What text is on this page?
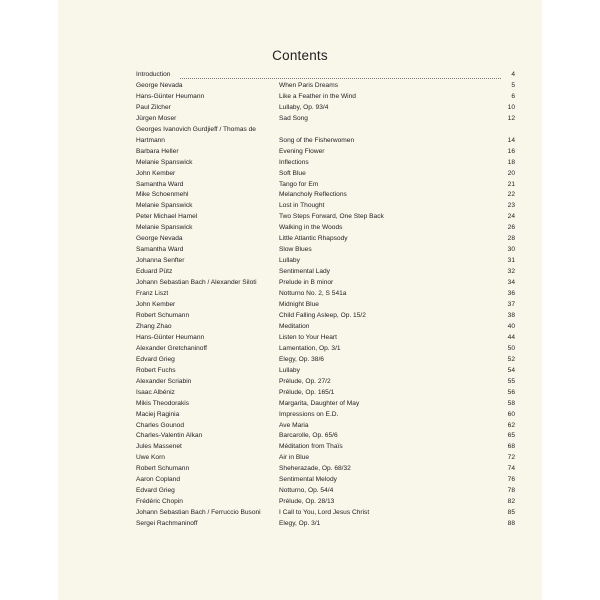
Contents
Introduction	4
George Nevada	When Paris Dreams	5
Hans-Günter Heumann	Like a Feather in the Wind	6
Paul Zilcher	Lullaby, Op. 93/4	10
Jürgen Moser	Sad Song	12
Georges Ivanovich Gurdjieff / Thomas de Hartmann	Song of the Fisherwomen	14
Barbara Heller	Evening Flower	16
Melanie Spanswick	Inflections	18
John Kember	Soft Blue	20
Samantha Ward	Tango for Em	21
Mike Schoenmehl	Melancholy Reflections	22
Melanie Spanswick	Lost in Thought	23
Peter Michael Hamel	Two Steps Forward, One Step Back	24
Melanie Spanswick	Walking in the Woods	26
George Nevada	Little Atlantic Rhapsody	28
Samantha Ward	Slow Blues	30
Johanna Senfter	Lullaby	31
Eduard Pütz	Sentimental Lady	32
Johann Sebastian Bach / Alexander Siloti	Prelude in B minor	34
Franz Liszt	Notturno No. 2, S 541a	36
John Kember	Midnight Blue	37
Robert Schumann	Child Falling Asleep, Op. 15/2	38
Zhang Zhao	Meditation	40
Hans-Günter Heumann	Listen to Your Heart	44
Alexander Gretchaninoff	Lamentation, Op. 3/1	50
Edvard Grieg	Elegy, Op. 38/6	52
Robert Fuchs	Lullaby	54
Alexander Scriabin	Prélude, Op. 27/2	55
Isaac Albéniz	Prélude, Op. 165/1	56
Mikis Theodorakis	Margarita, Daughter of May	58
Maciej Raginia	Impressions on E.D.	60
Charles Gounod	Ave Maria	62
Charles-Valentin Alkan	Barcarolle, Op. 65/6	65
Jules Massenet	Méditation from Thaïs	68
Uwe Korn	Air in Blue	72
Robert Schumann	Sheherazade, Op. 68/32	74
Aaron Copland	Sentimental Melody	76
Edvard Grieg	Notturno, Op. 54/4	78
Frédéric Chopin	Prélude, Op. 28/13	82
Johann Sebastian Bach / Ferruccio Busoni	I Call to You, Lord Jesus Christ	85
Sergei Rachmaninoff	Elegy, Op. 3/1	88
